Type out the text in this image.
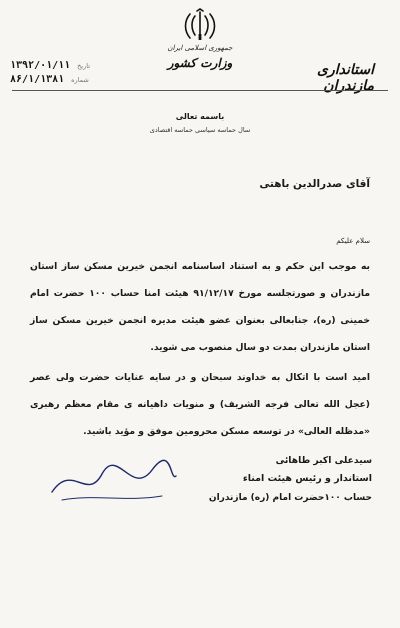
جمهوری اسلامی ایران
وزارت کشور	استانداری مازندران
۱۳۹۲/۰۱/۱۱ تاریخ
۸۶/۱/۱۳۸۱ شماره
باسمه تعالی
سال حماسه سیاسی حماسه اقتصادی
آقای صدرالدین باهتی
سلام علیکم
به موجب این حکم و به استناد اساسنامه انجمن خیرین مسکن ساز استان مازندران و صورتجلسه مورخ ۹۱/۱۲/۱۷ هیئت امنا حساب ۱۰۰ حضرت امام خمینی (ره)، جنابعالی بعنوان عضو هیئت مدیره انجمن خیرین مسکن ساز استان مازندران بمدت دو سال منصوب می شوید.
امید است با اتکال به خداوند سبحان و در سایه عنایات حضرت ولی عصر (عجل الله تعالی فرجه الشریف) و منویات داهیانه ی مقام معظم رهبری «مدظله العالی» در توسعه مسکن محرومین موفق و مؤید باشید.
سیدعلی اکبر طاهائی
استاندار و رئیس هیئت امناء
حساب ۱۰۰حضرت امام (ره) مازندران
